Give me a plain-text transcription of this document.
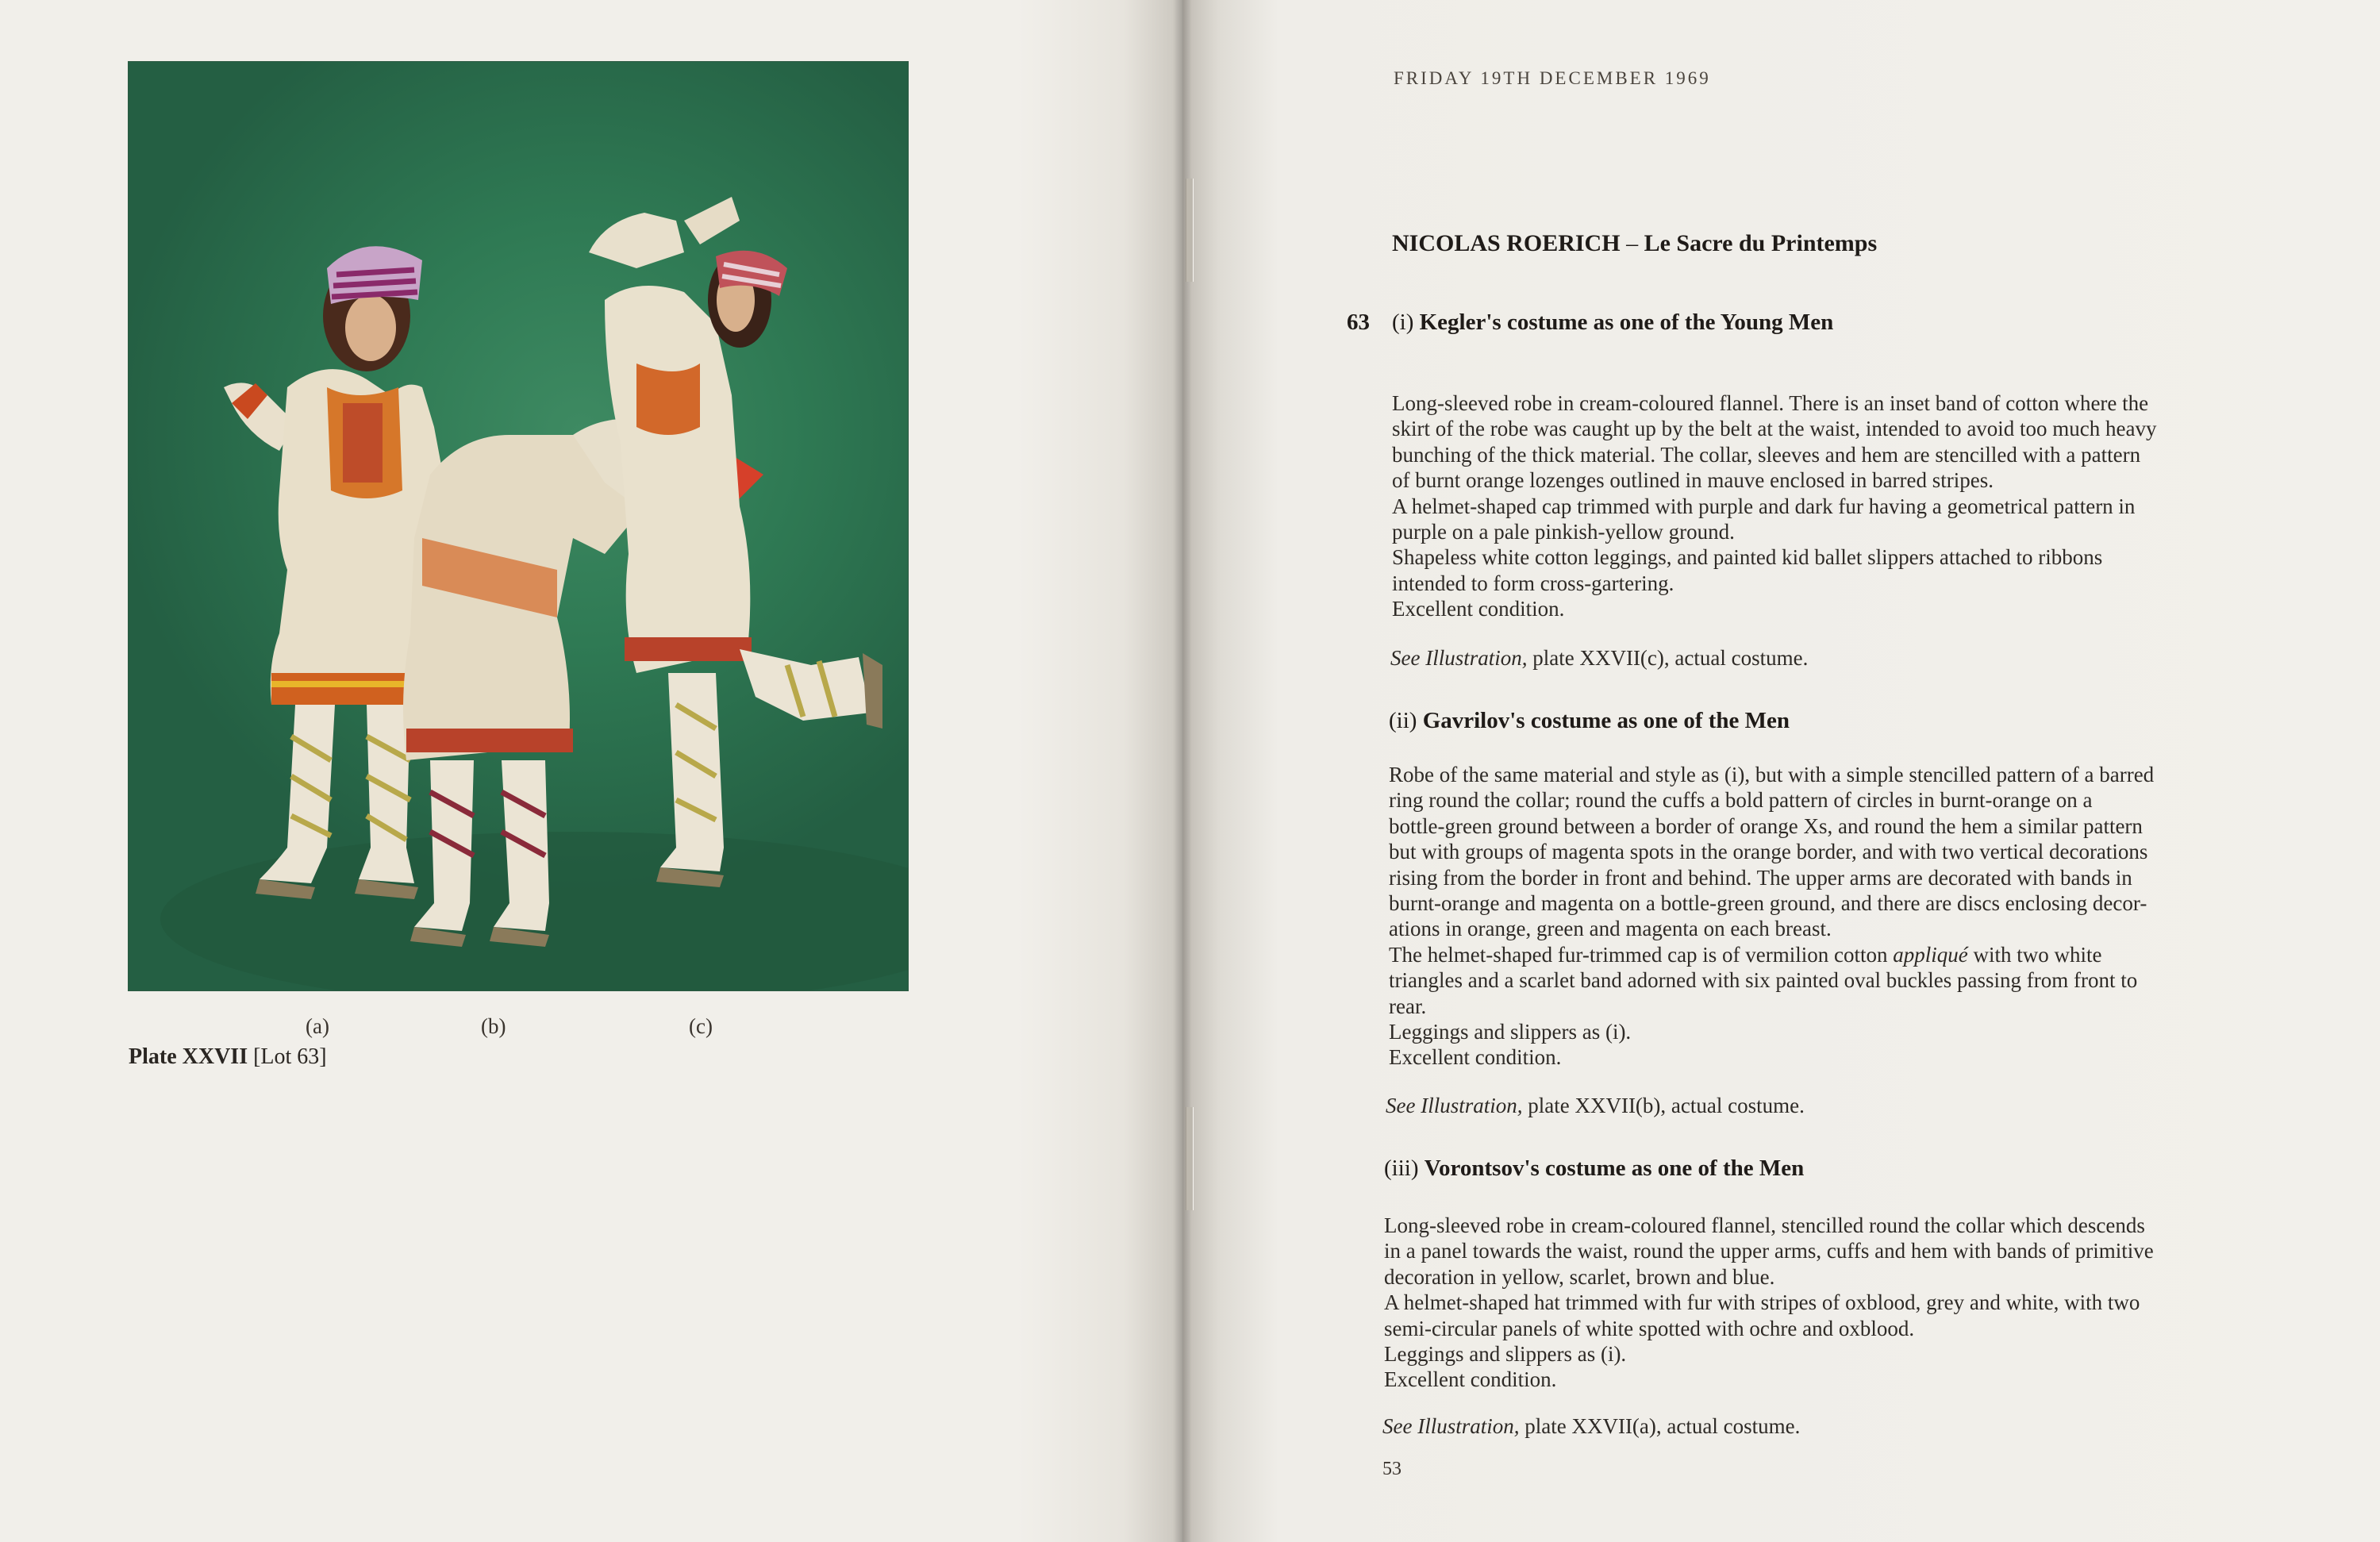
(a)	(b)	(c)
Plate XXVII [Lot 63]
FRIDAY 19TH DECEMBER 1969
NICOLAS ROERICH – Le Sacre du Printemps
63 (i) Kegler's costume as one of the Young Men

Long-sleeved robe in cream-coloured flannel. There is an inset band of cotton where the

skirt of the robe was caught up by the belt at the waist, intended to avoid too much heavy

bunching of the thick material. The collar, sleeves and hem are stencilled with a pattern

of burnt orange lozenges outlined in mauve enclosed in barred stripes.

A helmet-shaped cap trimmed with purple and dark fur having a geometrical pattern in

purple on a pale pinkish-yellow ground.

Shapeless white cotton leggings, and painted kid ballet slippers attached to ribbons

intended to form cross-gartering.

Excellent condition.

See Illustration, plate XXVII(c), actual costume.
(ii) Gavrilov's costume as one of the Men

Robe of the same material and style as (i), but with a simple stencilled pattern of a barred

ring round the collar; round the cuffs a bold pattern of circles in burnt-orange on a

bottle-green ground between a border of orange Xs, and round the hem a similar pattern

but with groups of magenta spots in the orange border, and with two vertical decorations

rising from the border in front and behind. The upper arms are decorated with bands in

burnt-orange and magenta on a bottle-green ground, and there are discs enclosing decor-

ations in orange, green and magenta on each breast.

The helmet-shaped fur-trimmed cap is of vermilion cotton appliqué with two white

triangles and a scarlet band adorned with six painted oval buckles passing from front to

rear.

Leggings and slippers as (i).

Excellent condition.

See Illustration, plate XXVII(b), actual costume.
(iii) Vorontsov's costume as one of the Men

Long-sleeved robe in cream-coloured flannel, stencilled round the collar which descends

in a panel towards the waist, round the upper arms, cuffs and hem with bands of primitive

decoration in yellow, scarlet, brown and blue.

A helmet-shaped hat trimmed with fur with stripes of oxblood, grey and white, with two

semi-circular panels of white spotted with ochre and oxblood.

Leggings and slippers as (i).

Excellent condition.

See Illustration, plate XXVII(a), actual costume.
53
